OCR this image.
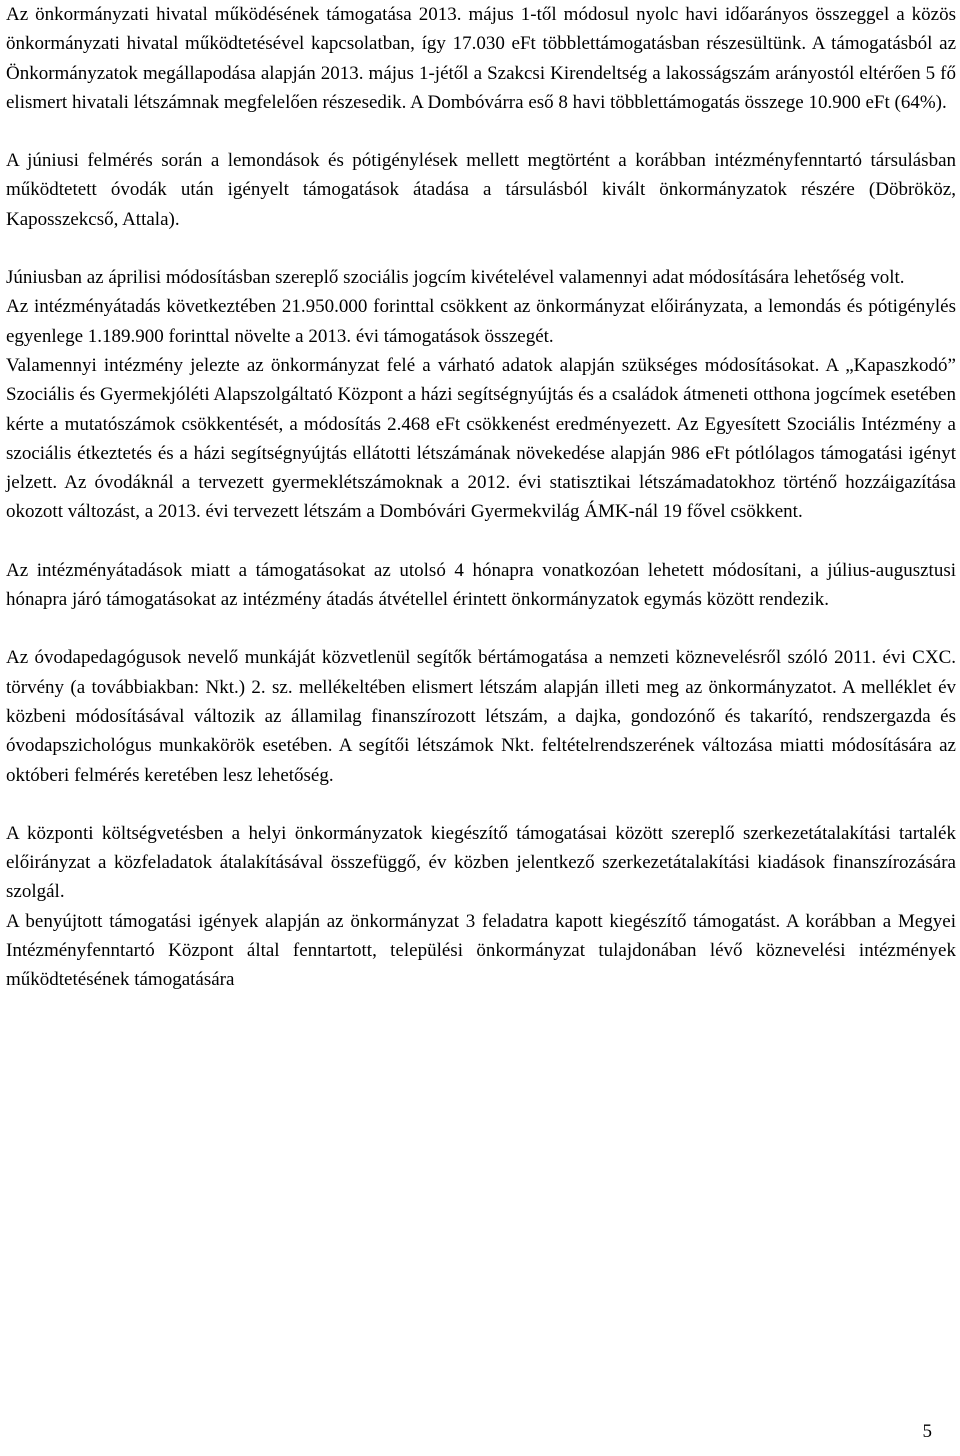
Az önkormányzati hivatal működésének támogatása 2013. május 1-től módosul nyolc havi időarányos összeggel a közös önkormányzati hivatal működtetésével kapcsolatban, így 17.030 eFt többlettámogatásban részesültünk. A támogatásból az Önkormányzatok megállapodása alapján 2013. május 1-jétől a Szakcsi Kirendeltség a lakosságszám arányostól eltérően 5 fő elismert hivatali létszámnak megfelelően részesedik. A Dombóvárra eső 8 havi többlettámogatás összege 10.900 eFt (64%).

A júniusi felmérés során a lemondások és pótigénylések mellett megtörtént a korábban intézményfenntartó társulásban működtetett óvodák után igényelt támogatások átadása a társulásból kivált önkormányzatok részére (Döbrököz, Kaposszekcső, Attala).

Júniusban az áprilisi módosításban szereplő szociális jogcím kivételével valamennyi adat módosítására lehetőség volt.

Az intézményátadás következtében 21.950.000 forinttal csökkent az önkormányzat előirányzata, a lemondás és pótigénylés egyenlege 1.189.900 forinttal növelte a 2013. évi támogatások összegét.

Valamennyi intézmény jelezte az önkormányzat felé a várható adatok alapján szükséges módosításokat. A „Kapaszkodó” Szociális és Gyermekjóléti Alapszolgáltató Központ a házi segítségnyújtás és a családok átmeneti otthona jogcímek esetében kérte a mutatószámok csökkentését, a módosítás 2.468 eFt csökkenést eredményezett. Az Egyesített Szociális Intézmény a szociális étkeztetés és a házi segítségnyújtás ellátotti létszámának növekedése alapján 986 eFt pótlólagos támogatási igényt jelzett. Az óvodáknál a tervezett gyermeklétszámoknak a 2012. évi statisztikai létszámadatokhoz történő hozzáigazítása okozott változást, a 2013. évi tervezett létszám a Dombóvári Gyermekvilág ÁMK-nál 19 fővel csökkent.

Az intézményátadások miatt a támogatásokat az utolsó 4 hónapra vonatkozóan lehetett módosítani, a július-augusztusi hónapra járó támogatásokat az intézmény átadás átvétellel érintett önkormányzatok egymás között rendezik.

Az óvodapedagógusok nevelő munkáját közvetlenül segítők bértámogatása a nemzeti köznevelésről szóló 2011. évi CXC. törvény (a továbbiakban: Nkt.) 2. sz. mellékeltében elismert létszám alapján illeti meg az önkormányzatot. A melléklet év közbeni módosításával változik az államilag finanszírozott létszám, a dajka, gondozónő és takarító, rendszergazda és óvodapszichológus munkakörök esetében. A segítői létszámok Nkt. feltételrendszerének változása miatti módosítására az októberi felmérés keretében lesz lehetőség.

A központi költségvetésben a helyi önkormányzatok kiegészítő támogatásai között szereplő szerkezetátalakítási tartalék előirányzat a közfeladatok átalakításával összefüggő, év közben jelentkező szerkezetátalakítási kiadások finanszírozására szolgál.

A benyújtott támogatási igények alapján az önkormányzat 3 feladatra kapott kiegészítő támogatást. A korábban a Megyei Intézményfenntartó Központ által fenntartott, települési önkormányzat tulajdonában lévő köznevelési intézmények működtetésének támogatására

5
